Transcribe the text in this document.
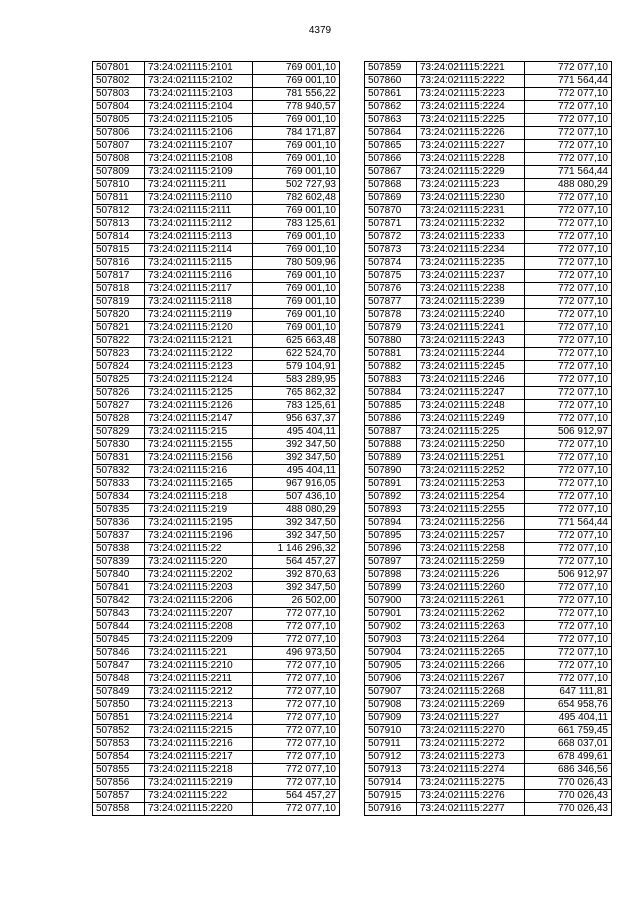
4379
507801	73:24:021115:2101	769 001,10
507802	73:24:021115:2102	769 001,10
507803	73:24:021115:2103	781 556,22
507804	73:24:021115:2104	778 940,57
507805	73:24:021115:2105	769 001,10
507806	73:24:021115:2106	784 171,87
507807	73:24:021115:2107	769 001,10
507808	73:24:021115:2108	769 001,10
507809	73:24:021115:2109	769 001,10
507810	73:24:021115:211	502 727,93
507811	73:24:021115:2110	782 602,48
507812	73:24:021115:2111	769 001,10
507813	73:24:021115:2112	783 125,61
507814	73:24:021115:2113	769 001,10
507815	73:24:021115:2114	769 001,10
507816	73:24:021115:2115	780 509,96
507817	73:24:021115:2116	769 001,10
507818	73:24:021115:2117	769 001,10
507819	73:24:021115:2118	769 001,10
507820	73:24:021115:2119	769 001,10
507821	73:24:021115:2120	769 001,10
507822	73:24:021115:2121	625 663,48
507823	73:24:021115:2122	622 524,70
507824	73:24:021115:2123	579 104,91
507825	73:24:021115:2124	583 289,95
507826	73:24:021115:2125	765 862,32
507827	73:24:021115:2126	783 125,61
507828	73:24:021115:2147	956 637,37
507829	73:24:021115:215	495 404,11
507830	73:24:021115:2155	392 347,50
507831	73:24:021115:2156	392 347,50
507832	73:24:021115:216	495 404,11
507833	73:24:021115:2165	967 916,05
507834	73:24:021115:218	507 436,10
507835	73:24:021115:219	488 080,29
507836	73:24:021115:2195	392 347,50
507837	73:24:021115:2196	392 347,50
507838	73:24:021115:22	1 146 296,32
507839	73:24:021115:220	564 457,27
507840	73:24:021115:2202	392 870,63
507841	73:24:021115:2203	392 347,50
507842	73:24:021115:2206	26 502,00
507843	73:24:021115:2207	772 077,10
507844	73:24:021115:2208	772 077,10
507845	73:24:021115:2209	772 077,10
507846	73:24:021115:221	496 973,50
507847	73:24:021115:2210	772 077,10
507848	73:24:021115:2211	772 077,10
507849	73:24:021115:2212	772 077,10
507850	73:24:021115:2213	772 077,10
507851	73:24:021115:2214	772 077,10
507852	73:24:021115:2215	772 077,10
507853	73:24:021115:2216	772 077,10
507854	73:24:021115:2217	772 077,10
507855	73:24:021115:2218	772 077,10
507856	73:24:021115:2219	772 077,10
507857	73:24:021115:222	564 457,27
507858	73:24:021115:2220	772 077,10
507859	73:24:021115:2221	772 077,10
507860	73:24:021115:2222	771 564,44
507861	73:24:021115:2223	772 077,10
507862	73:24:021115:2224	772 077,10
507863	73:24:021115:2225	772 077,10
507864	73:24:021115:2226	772 077,10
507865	73:24:021115:2227	772 077,10
507866	73:24:021115:2228	772 077,10
507867	73:24:021115:2229	771 564,44
507868	73:24:021115:223	488 080,29
507869	73:24:021115:2230	772 077,10
507870	73:24:021115:2231	772 077,10
507871	73:24:021115:2232	772 077,10
507872	73:24:021115:2233	772 077,10
507873	73:24:021115:2234	772 077,10
507874	73:24:021115:2235	772 077,10
507875	73:24:021115:2237	772 077,10
507876	73:24:021115:2238	772 077,10
507877	73:24:021115:2239	772 077,10
507878	73:24:021115:2240	772 077,10
507879	73:24:021115:2241	772 077,10
507880	73:24:021115:2243	772 077,10
507881	73:24:021115:2244	772 077,10
507882	73:24:021115:2245	772 077,10
507883	73:24:021115:2246	772 077,10
507884	73:24:021115:2247	772 077,10
507885	73:24:021115:2248	772 077,10
507886	73:24:021115:2249	772 077,10
507887	73:24:021115:225	506 912,97
507888	73:24:021115:2250	772 077,10
507889	73:24:021115:2251	772 077,10
507890	73:24:021115:2252	772 077,10
507891	73:24:021115:2253	772 077,10
507892	73:24:021115:2254	772 077,10
507893	73:24:021115:2255	772 077,10
507894	73:24:021115:2256	771 564,44
507895	73:24:021115:2257	772 077,10
507896	73:24:021115:2258	772 077,10
507897	73:24:021115:2259	772 077,10
507898	73:24:021115:226	506 912,97
507899	73:24:021115:2260	772 077,10
507900	73:24:021115:2261	772 077,10
507901	73:24:021115:2262	772 077,10
507902	73:24:021115:2263	772 077,10
507903	73:24:021115:2264	772 077,10
507904	73:24:021115:2265	772 077,10
507905	73:24:021115:2266	772 077,10
507906	73:24:021115:2267	772 077,10
507907	73:24:021115:2268	647 111,81
507908	73:24:021115:2269	654 958,76
507909	73:24:021115:227	495 404,11
507910	73:24:021115:2270	661 759,45
507911	73:24:021115:2272	668 037,01
507912	73:24:021115:2273	678 499,61
507913	73:24:021115:2274	686 346,56
507914	73:24:021115:2275	770 026,43
507915	73:24:021115:2276	770 026,43
507916	73:24:021115:2277	770 026,43
